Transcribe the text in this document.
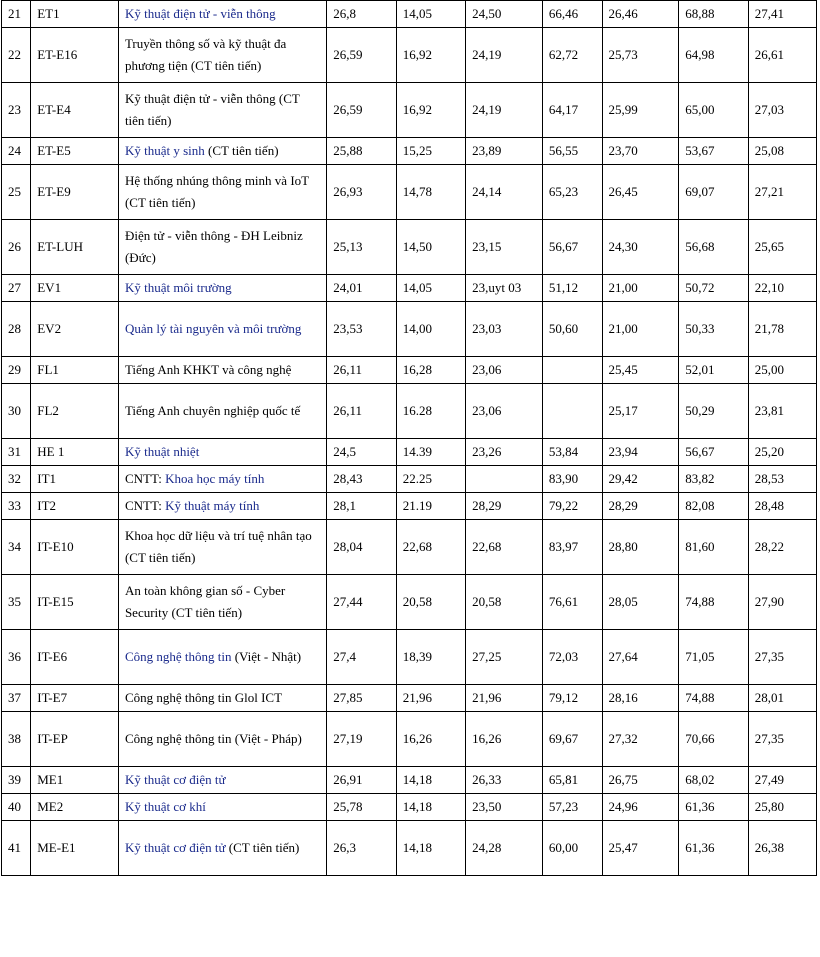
21	ET1	Kỹ thuật điện tử - viễn thông	26,8	14,05	24,50	66,46	26,46	68,88	27,41
22	ET-E16	Truyền thông số và kỹ thuật đa phương tiện (CT tiên tiến)	26,59	16,92	24,19	62,72	25,73	64,98	26,61
23	ET-E4	Kỹ thuật điện tử - viễn thông (CT tiên tiến)	26,59	16,92	24,19	64,17	25,99	65,00	27,03
24	ET-E5	Kỹ thuật y sinh (CT tiên tiến)	25,88	15,25	23,89	56,55	23,70	53,67	25,08
25	ET-E9	Hệ thống nhúng thông minh và IoT (CT tiên tiến)	26,93	14,78	24,14	65,23	26,45	69,07	27,21
26	ET-LUH	Điện tử - viễn thông - ĐH Leibniz (Đức)	25,13	14,50	23,15	56,67	24,30	56,68	25,65
27	EV1	Kỹ thuật môi trường	24,01	14,05	23,uyt 03	51,12	21,00	50,72	22,10
28	EV2	Quản lý tài nguyên và môi trường	23,53	14,00	23,03	50,60	21,00	50,33	21,78
29	FL1	Tiếng Anh KHKT và công nghệ	26,11	16,28	23,06		25,45	52,01	25,00
30	FL2	Tiếng Anh chuyên nghiệp quốc tế	26,11	16.28	23,06		25,17	50,29	23,81
31	HE 1	Kỹ thuật nhiệt	24,5	14.39	23,26	53,84	23,94	56,67	25,20
32	IT1	CNTT: Khoa học máy tính	28,43	22.25		83,90	29,42	83,82	28,53
33	IT2	CNTT: Kỹ thuật máy tính	28,1	21.19	28,29	79,22	28,29	82,08	28,48
34	IT-E10	Khoa học dữ liệu và trí tuệ nhân tạo (CT tiên tiến)	28,04	22,68	22,68	83,97	28,80	81,60	28,22
35	IT-E15	An toàn không gian số - Cyber Security (CT tiên tiến)	27,44	20,58	20,58	76,61	28,05	74,88	27,90
36	IT-E6	Công nghệ thông tin (Việt - Nhật)	27,4	18,39	27,25	72,03	27,64	71,05	27,35
37	IT-E7	Công nghệ thông tin Glol ICT	27,85	21,96	21,96	79,12	28,16	74,88	28,01
38	IT-EP	Công nghệ thông tin (Việt - Pháp)	27,19	16,26	16,26	69,67	27,32	70,66	27,35
39	ME1	Kỹ thuật cơ điện tử	26,91	14,18	26,33	65,81	26,75	68,02	27,49
40	ME2	Kỹ thuật cơ khí	25,78	14,18	23,50	57,23	24,96	61,36	25,80
41	ME-E1	Kỹ thuật cơ điện tử (CT tiên tiến)	26,3	14,18	24,28	60,00	25,47	61,36	26,38
